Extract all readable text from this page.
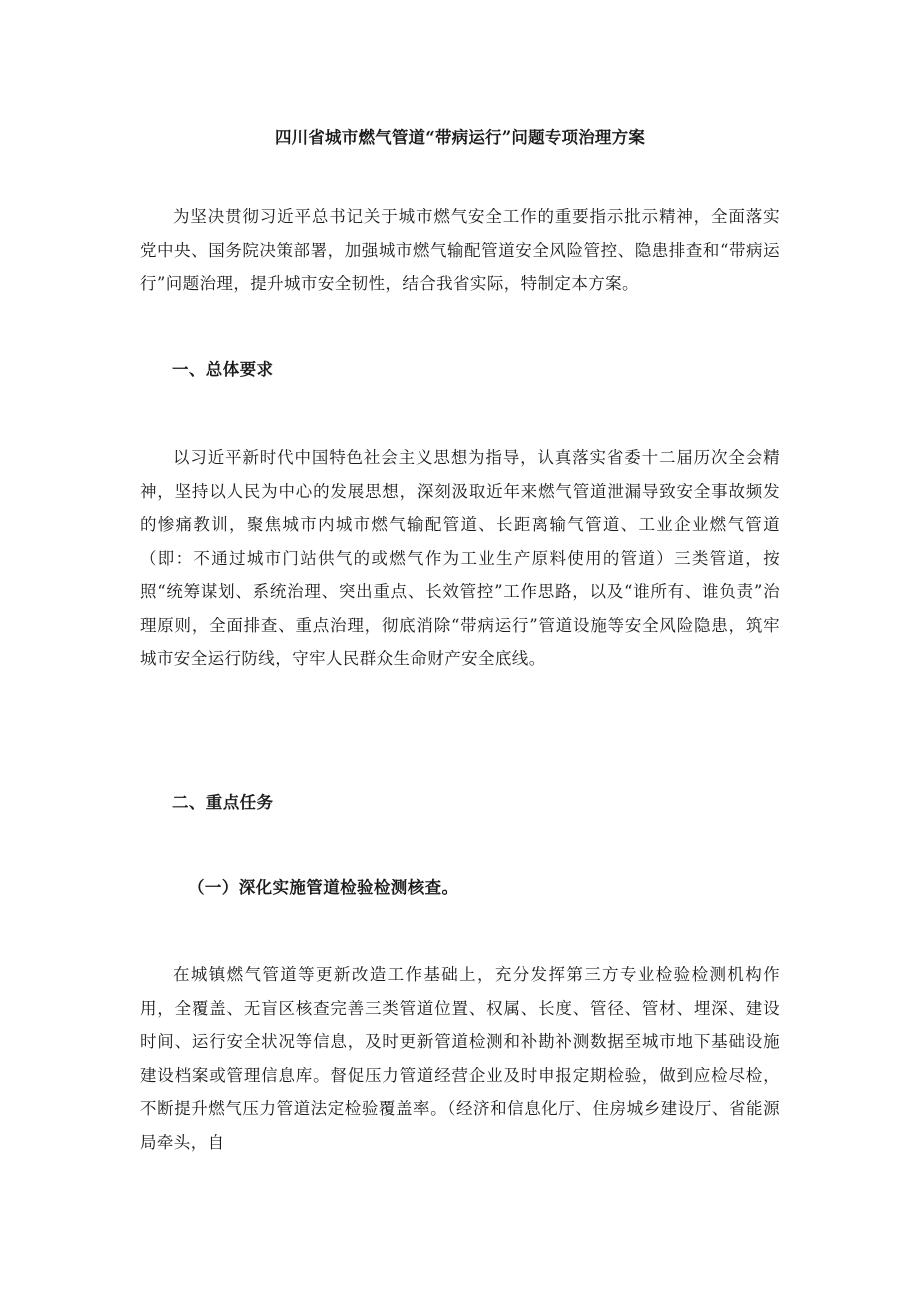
四川省城市燃气管道“带病运行”问题专项治理方案

为坚决贯彻习近平总书记关于城市燃气安全工作的重要指示批示精神，全面落实党中央、国务院决策部署，加强城市燃气输配管道安全风险管控、隐患排查和“带病运行”问题治理，提升城市安全韧性，结合我省实际，特制定本方案。

一、总体要求

以习近平新时代中国特色社会主义思想为指导，认真落实省委十二届历次全会精神，坚持以人民为中心的发展思想，深刻汲取近年来燃气管道泄漏导致安全事故频发的惨痛教训，聚焦城市内城市燃气输配管道、长距离输气管道、工业企业燃气管道（即：不通过城市门站供气的或燃气作为工业生产原料使用的管道）三类管道，按照“统筹谋划、系统治理、突出重点、长效管控”工作思路，以及“谁所有、谁负责”治理原则，全面排查、重点治理，彻底消除“带病运行”管道设施等安全风险隐患，筑牢城市安全运行防线，守牢人民群众生命财产安全底线。

二、重点任务
（一）深化实施管道检验检测核查。

在城镇燃气管道等更新改造工作基础上，充分发挥第三方专业检验检测机构作用，全覆盖、无盲区核查完善三类管道位置、权属、长度、管径、管材、埋深、建设时间、运行安全状况等信息，及时更新管道检测和补勘补测数据至城市地下基础设施建设档案或管理信息库。督促压力管道经营企业及时申报定期检验，做到应检尽检，不断提升燃气压力管道法定检验覆盖率。（经济和信息化厅、住房城乡建设厅、省能源局牵头，自
